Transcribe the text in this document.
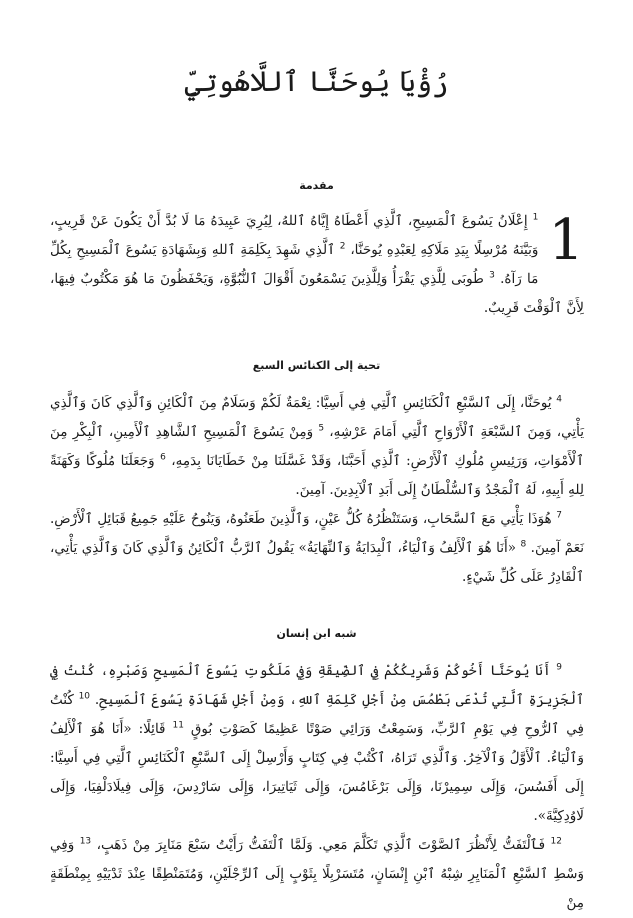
رُؤْيَا يُوحَنَّا ٱللَّاهُوتِيِّ
مقدمة
1

$^1$ إِعْلَانُ يَسُوعَ ٱلْمَسِيحِ، ٱلَّذِي أَعْطَاهُ إِيَّاهُ ٱللهُ، لِيُرِيَ عَبِيدَهُ مَا لَا بُدَّ أَنْ يَكُونَ عَنْ قَرِيبٍ، وَبَيَّنَهُ مُرْسِلًا بِيَدِ مَلَاكِهِ لِعَبْدِهِ يُوحَنَّا، $^2$ ٱلَّذِي شَهِدَ بِكَلِمَةِ ٱللهِ وَبِشَهَادَةِ يَسُوعَ ٱلْمَسِيحِ بِكُلِّ مَا رَآهُ. $^3$ طُوبَى لِلَّذِي يَقْرَأُ وَلِلَّذِينَ يَسْمَعُونَ أَقْوَالَ ٱلنُّبُوَّةِ، وَيَحْفَظُونَ مَا هُوَ مَكْتُوبٌ فِيهَا، لِأَنَّ ٱلْوَقْتَ قَرِيبٌ.

تحية إلى الكنائس السبع

$^4$ يُوحَنَّا، إِلَى ٱلسَّبْعِ ٱلْكَنَائِسِ ٱلَّتِي فِي أَسِيَّا: نِعْمَةٌ لَكُمْ وَسَلَامٌ مِنَ ٱلْكَائِنِ وَٱلَّذِي كَانَ وَٱلَّذِي يَأْتِي، وَمِنَ ٱلسَّبْعَةِ ٱلْأَرْوَاحِ ٱلَّتِي أَمَامَ عَرْشِهِ، $^5$ وَمِنْ يَسُوعَ ٱلْمَسِيحِ ٱلشَّاهِدِ ٱلْأَمِينِ، ٱلْبِكْرِ مِنَ ٱلْأَمْوَاتِ، وَرَئِيسِ مُلُوكِ ٱلْأَرْضِ: ٱلَّذِي أَحَبَّنَا، وَقَدْ غَسَّلَنَا مِنْ خَطَايَانَا بِدَمِهِ، $^6$ وَجَعَلَنَا مُلُوكًا وَكَهَنَةً لِلهِ أَبِيهِ، لَهُ ٱلْمَجْدُ وَٱلسُّلْطَانُ إِلَى أَبَدِ ٱلْآبِدِينَ. آمِينَ.

$^7$ هُوَذَا يَأْتِي مَعَ ٱلسَّحَابِ، وَسَتَنْظُرُهُ كُلُّ عَيْنٍ، وَٱلَّذِينَ طَعَنُوهُ، وَيَنُوحُ عَلَيْهِ جَمِيعُ قَبَائِلِ ٱلْأَرْضِ. نَعَمْ آمِينَ. $^8$ «أَنَا هُوَ ٱلْأَلِفُ وَٱلْيَاءُ، ٱلْبِدَايَةُ وَٱلنِّهَايَةُ» يَقُولُ ٱلرَّبُّ ٱلْكَائِنُ وَٱلَّذِي كَانَ وَٱلَّذِي يَأْتِي، ٱلْقَادِرُ عَلَى كُلِّ شَيْءٍ.

شبه ابن إنسان

$^9$ أَنَا يُوحَنَّا أَخُوكُمْ وَشَرِيكُكُمْ فِي ٱلضِّيقَةِ وَفِي مَلَكُوتِ يَسُوعَ ٱلْمَسِيحِ وَصَبْرِهِ، كُنْتُ فِي ٱلْجَزِيرَةِ ٱلَّتِي تُدْعَى بَطْمُسَ مِنْ أَجْلِ كَلِمَةِ ٱللهِ، وَمِنْ أَجْلِ شَهَادَةِ يَسُوعَ ٱلْمَسِيحِ. $^{10}$ كُنْتُ فِي ٱلرُّوحِ فِي يَوْمِ ٱلرَّبِّ، وَسَمِعْتُ وَرَائِي صَوْتًا عَظِيمًا كَصَوْتِ بُوقٍ $^{11}$ قَائِلًا: «أَنَا هُوَ ٱلْأَلِفُ وَٱلْيَاءُ. ٱلْأَوَّلُ وَٱلْآخِرُ. وَٱلَّذِي تَرَاهُ، ٱكْتُبْ فِي كِتَابٍ وَأَرْسِلْ إِلَى ٱلسَّبْعِ ٱلْكَنَائِسِ ٱلَّتِي فِي أَسِيَّا: إِلَى أَفَسُسَ، وَإِلَى سِمِيرْنَا، وَإِلَى بَرْغَامُسَ، وَإِلَى ثَيَاتِيرَا، وَإِلَى سَارْدِسَ، وَإِلَى فِيلَادَلْفِيَا، وَإِلَى لَاوُدِكِيَّةَ».

$^{12}$ فَٱلْتَفَتُّ لِأَنْظُرَ ٱلصَّوْتَ ٱلَّذِي تَكَلَّمَ مَعِي. وَلَمَّا ٱلْتَفَتُّ رَأَيْتُ سَبْعَ مَنَايِرَ مِنْ ذَهَبٍ، $^{13}$ وَفِي وَسْطِ ٱلسَّبْعِ ٱلْمَنَايِرِ شِبْهُ ٱبْنِ إِنْسَانٍ، مُتَسَرْبِلًا بِثَوْبٍ إِلَى ٱلرِّجْلَيْنِ، وَمُتَمَنْطِقًا عِنْدَ ثَدْيَيْهِ بِمِنْطَقَةٍ مِنْ
